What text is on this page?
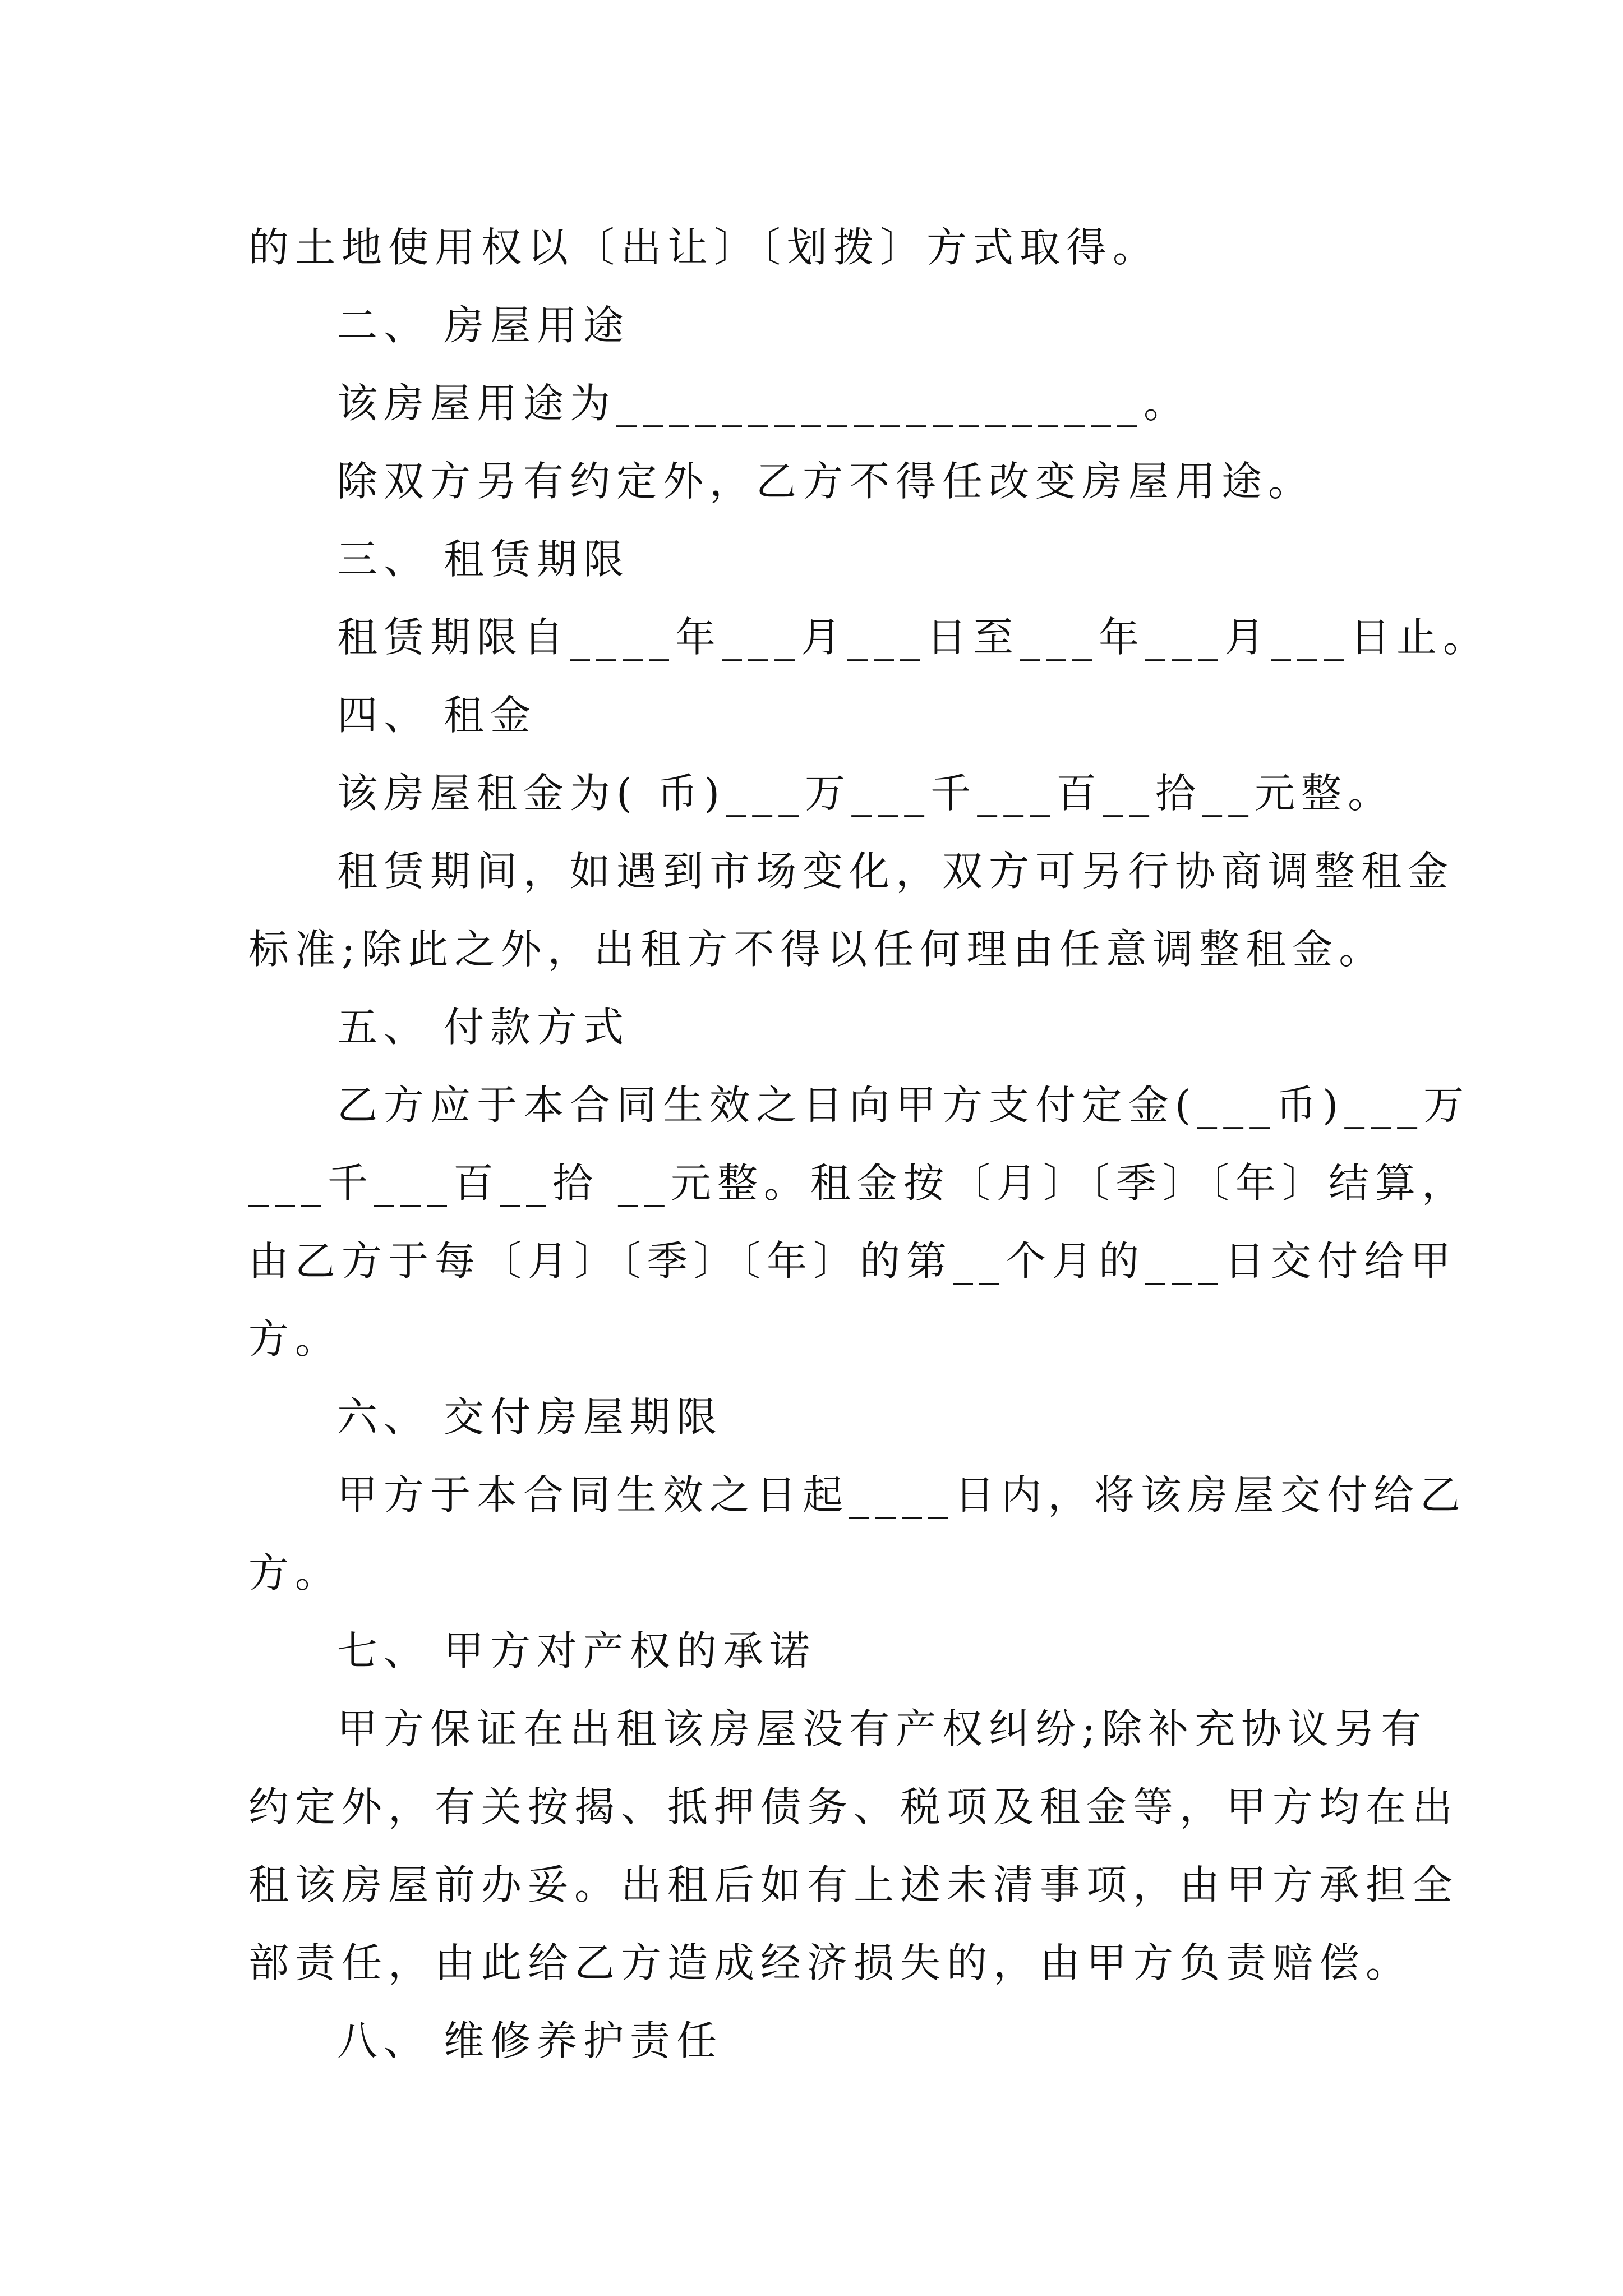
的土地使用权以〔出让〕〔划拨〕方式取得。
二、 房屋用途
该房屋用途为____________________。
除双方另有约定外，乙方不得任改变房屋用途。
三、 租赁期限
租赁期限自____年___月___日至___年___月___日止。
四、 租金
该房屋租金为( 币)___万___千___百__拾__元整。
租赁期间，如遇到市场变化，双方可另行协商调整租金
标准;除此之外，出租方不得以任何理由任意调整租金。
五、 付款方式
乙方应于本合同生效之日向甲方支付定金(___币)___万
___千___百__拾 __元整。租金按〔月〕〔季〕〔年〕结算，
由乙方于每〔月〕〔季〕〔年〕的第__个月的___日交付给甲
方。
六、 交付房屋期限
甲方于本合同生效之日起____日内，将该房屋交付给乙
方。
七、 甲方对产权的承诺
甲方保证在出租该房屋没有产权纠纷;除补充协议另有
约定外，有关按揭、抵押债务、税项及租金等，甲方均在出
租该房屋前办妥。出租后如有上述未清事项，由甲方承担全
部责任，由此给乙方造成经济损失的，由甲方负责赔偿。
八、 维修养护责任
